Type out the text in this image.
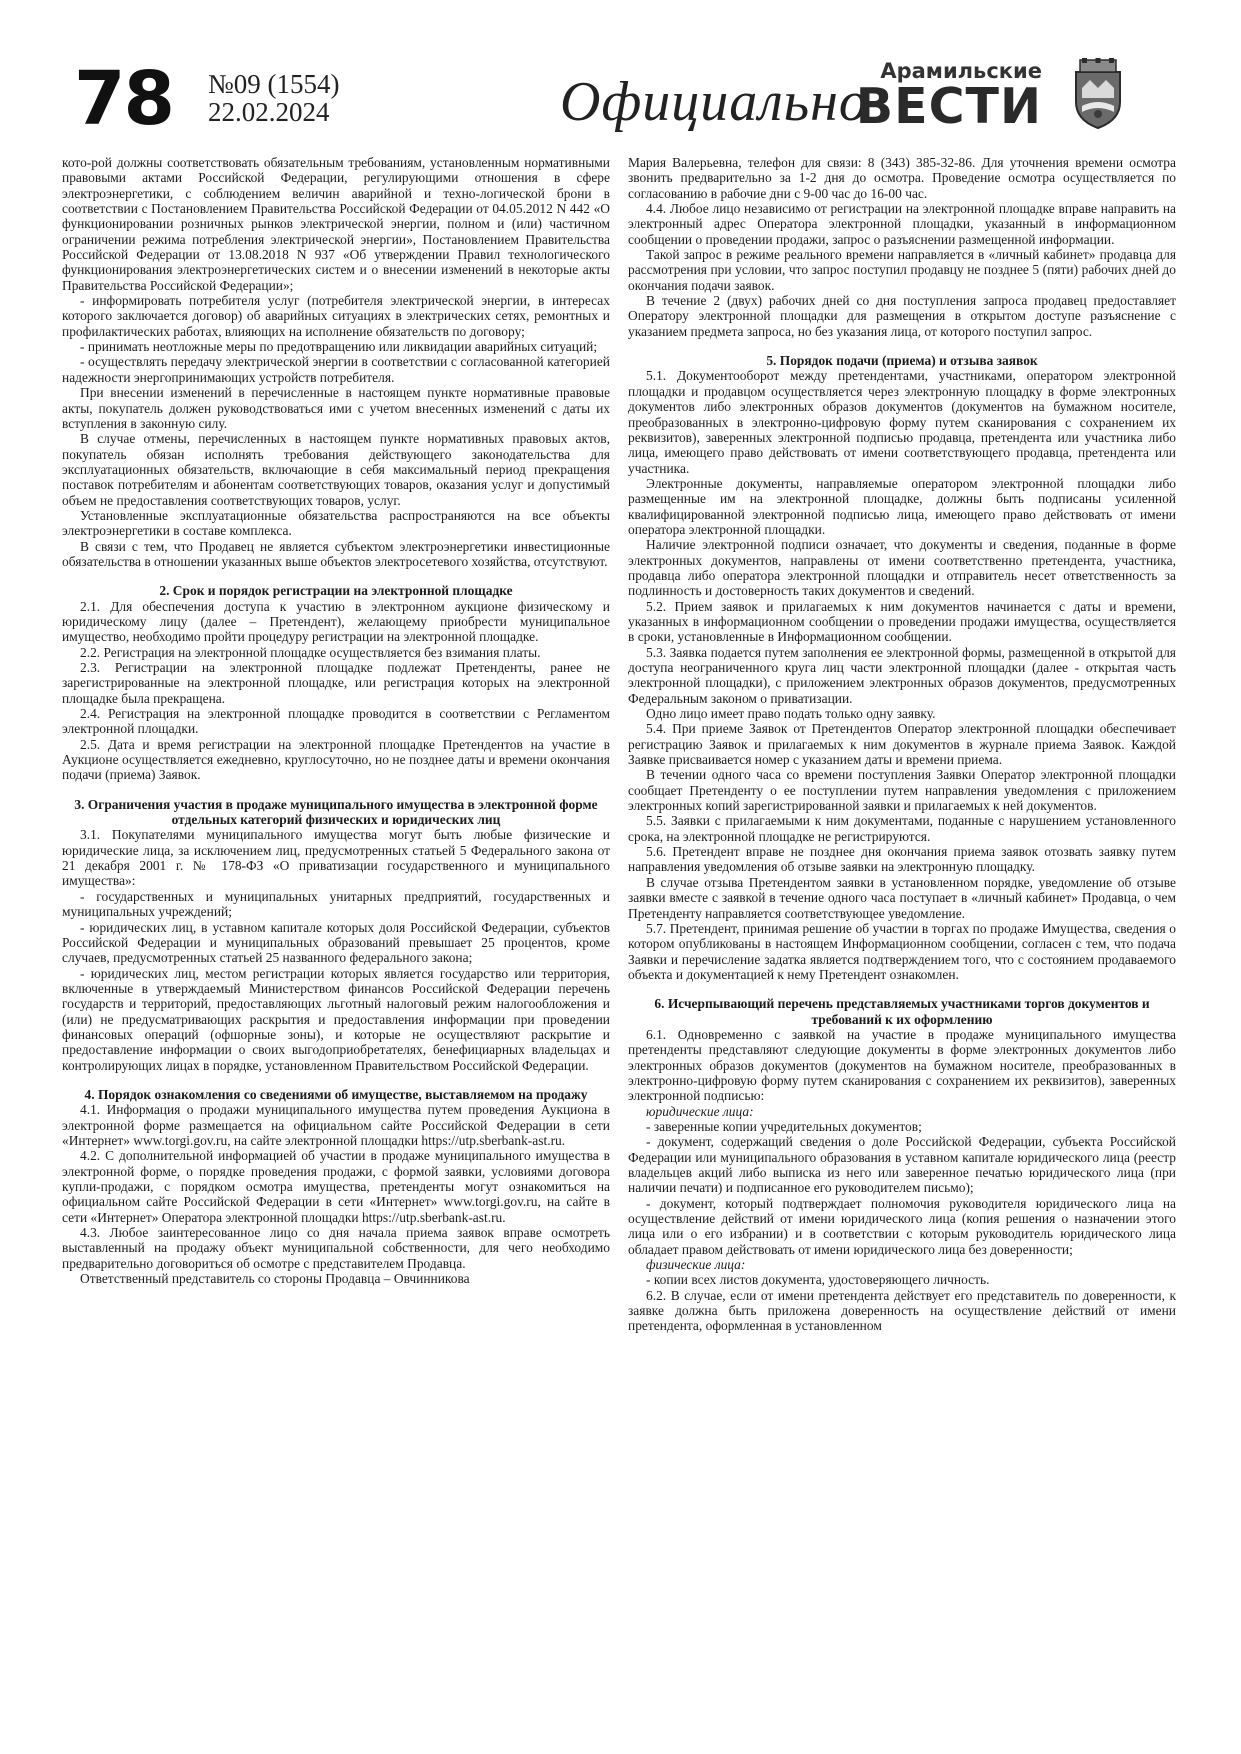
78 №09 (1554)
22.02.2024	Официально Арамильские
ВЕСТИ

кото-рой должны соответствовать обязательным требованиям, установленным нормативными правовыми актами Российской Федерации, регулирующими отношения в сфере электроэнергетики, с соблюдением величин аварийной и техно-логической брони в соответствии с Постановлением Правительства Российской Федерации от 04.05.2012 N 442 «О функционировании розничных рынков электрической энергии, полном и (или) частичном ограничении режима потребления электрической энергии», Постановлением Правительства Российской Федерации от 13.08.2018 N 937 «Об утверждении Правил технологического функционирования электроэнергетических систем и о внесении изменений в некоторые акты Правительства Российской Федерации»;

- информировать потребителя услуг (потребителя электрической энергии, в интересах которого заключается договор) об аварийных ситуациях в электрических сетях, ремонтных и профилактических работах, влияющих на исполнение обязательств по договору;

- принимать неотложные меры по предотвращению или ликвидации аварийных ситуаций;

- осуществлять передачу электрической энергии в соответствии с согласованной категорией надежности энергопринимающих устройств потребителя.

При внесении изменений в перечисленные в настоящем пункте нормативные правовые акты, покупатель должен руководствоваться ими с учетом внесенных изменений с даты их вступления в законную силу.

В случае отмены, перечисленных в настоящем пункте нормативных правовых актов, покупатель обязан исполнять требования действующего законодательства для эксплуатационных обязательств, включающие в себя максимальный период прекращения поставок потребителям и абонентам соответствующих товаров, оказания услуг и допустимый объем не предоставления соответствующих товаров, услуг.

Установленные эксплуатационные обязательства распространяются на все объекты электроэнергетики в составе комплекса.

В связи с тем, что Продавец не является субъектом электроэнергетики инвестиционные обязательства в отношении указанных выше объектов электросетевого хозяйства, отсутствуют.

2. Срок и порядок регистрации на электронной площадке

2.1. Для обеспечения доступа к участию в электронном аукционе физическому и юридическому лицу (далее – Претендент), желающему приобрести муниципальное имущество, необходимо пройти процедуру регистрации на электронной площадке.

2.2. Регистрация на электронной площадке осуществляется без взимания платы.

2.3. Регистрации на электронной площадке подлежат Претенденты, ранее не зарегистрированные на электронной площадке, или регистрация которых на электронной площадке была прекращена.

2.4. Регистрация на электронной площадке проводится в соответствии с Регламентом электронной площадки.

2.5. Дата и время регистрации на электронной площадке Претендентов на участие в Аукционе осуществляется ежедневно, круглосуточно, но не позднее даты и времени окончания подачи (приема) Заявок.

3. Ограничения участия в продаже муниципального имущества в электронной форме отдельных категорий физических и юридических лиц

3.1. Покупателями муниципального имущества могут быть любые физические и юридические лица, за исключением лиц, предусмотренных статьей 5 Федерального закона от 21 декабря 2001 г. № 178-ФЗ «О приватизации государственного и муниципального имущества»:

- государственных и муниципальных унитарных предприятий, государственных и муниципальных учреждений;

- юридических лиц, в уставном капитале которых доля Российской Федерации, субъектов Российской Федерации и муниципальных образований превышает 25 процентов, кроме случаев, предусмотренных статьей 25 названного федерального закона;

- юридических лиц, местом регистрации которых является государство или территория, включенные в утверждаемый Министерством финансов Российской Федерации перечень государств и территорий, предоставляющих льготный налоговый режим налогообложения и (или) не предусматривающих раскрытия и предоставления информации при проведении финансовых операций (офшорные зоны), и которые не осуществляют раскрытие и предоставление информации о своих выгодоприобретателях, бенефициарных владельцах и контролирующих лицах в порядке, установленном Правительством Российской Федерации.

4. Порядок ознакомления со сведениями об имуществе, выставляемом на продажу

4.1. Информация о продажи муниципального имущества путем проведения Аукциона в электронной форме размещается на официальном сайте Российской Федерации в сети «Интернет» www.torgi.gov.ru, на сайте электронной площадки https://utp.sberbank-ast.ru.

4.2. С дополнительной информацией об участии в продаже муниципального имущества в электронной форме, о порядке проведения продажи, с формой заявки, условиями договора купли-продажи, с порядком осмотра имущества, претенденты могут ознакомиться на официальном сайте Российской Федерации в сети «Интернет» www.torgi.gov.ru, на сайте в сети «Интернет» Оператора электронной площадки https://utp.sberbank-ast.ru.

4.3. Любое заинтересованное лицо со дня начала приема заявок вправе осмотреть выставленный на продажу объект муниципальной собственности, для чего необходимо предварительно договориться об осмотре с представителем Продавца.

Ответственный представитель со стороны Продавца – Овчинникова

Мария Валерьевна, телефон для связи: 8 (343) 385-32-86. Для уточнения времени осмотра звонить предварительно за 1-2 дня до осмотра. Проведение осмотра осуществляется по согласованию в рабочие дни с 9-00 час до 16-00 час.

4.4. Любое лицо независимо от регистрации на электронной площадке вправе направить на электронный адрес Оператора электронной площадки, указанный в информационном сообщении о проведении продажи, запрос о разъяснении размещенной информации.

Такой запрос в режиме реального времени направляется в «личный кабинет» продавца для рассмотрения при условии, что запрос поступил продавцу не позднее 5 (пяти) рабочих дней до окончания подачи заявок.

В течение 2 (двух) рабочих дней со дня поступления запроса продавец предоставляет Оператору электронной площадки для размещения в открытом доступе разъяснение с указанием предмета запроса, но без указания лица, от которого поступил запрос.

5. Порядок подачи (приема) и отзыва заявок

5.1. Документооборот между претендентами, участниками, оператором электронной площадки и продавцом осуществляется через электронную площадку в форме электронных документов либо электронных образов документов (документов на бумажном носителе, преобразованных в электронно-цифровую форму путем сканирования с сохранением их реквизитов), заверенных электронной подписью продавца, претендента или участника либо лица, имеющего право действовать от имени соответствующего продавца, претендента или участника.

Электронные документы, направляемые оператором электронной площадки либо размещенные им на электронной площадке, должны быть подписаны усиленной квалифицированной электронной подписью лица, имеющего право действовать от имени оператора электронной площадки.

Наличие электронной подписи означает, что документы и сведения, поданные в форме электронных документов, направлены от имени соответственно претендента, участника, продавца либо оператора электронной площадки и отправитель несет ответственность за подлинность и достоверность таких документов и сведений.

5.2. Прием заявок и прилагаемых к ним документов начинается с даты и времени, указанных в информационном сообщении о проведении продажи имущества, осуществляется в сроки, установленные в Информационном сообщении.

5.3. Заявка подается путем заполнения ее электронной формы, размещенной в открытой для доступа неограниченного круга лиц части электронной площадки (далее - открытая часть электронной площадки), с приложением электронных образов документов, предусмотренных Федеральным законом о приватизации.

Одно лицо имеет право подать только одну заявку.

5.4. При приеме Заявок от Претендентов Оператор электронной площадки обеспечивает регистрацию Заявок и прилагаемых к ним документов в журнале приема Заявок. Каждой Заявке присваивается номер с указанием даты и времени приема.

В течении одного часа со времени поступления Заявки Оператор электронной площадки сообщает Претенденту о ее поступлении путем направления уведомления с приложением электронных копий зарегистрированной заявки и прилагаемых к ней документов.

5.5. Заявки с прилагаемыми к ним документами, поданные с нарушением установленного срока, на электронной площадке не регистрируются.

5.6. Претендент вправе не позднее дня окончания приема заявок отозвать заявку путем направления уведомления об отзыве заявки на электронную площадку.

В случае отзыва Претендентом заявки в установленном порядке, уведомление об отзыве заявки вместе с заявкой в течение одного часа поступает в «личный кабинет» Продавца, о чем Претенденту направляется соответствующее уведомление.

5.7. Претендент, принимая решение об участии в торгах по продаже Имущества, сведения о котором опубликованы в настоящем Информационном сообщении, согласен с тем, что подача Заявки и перечисление задатка является подтверждением того, что с состоянием продаваемого объекта и документацией к нему Претендент ознакомлен.

6. Исчерпывающий перечень представляемых участниками торгов документов и требований к их оформлению

6.1. Одновременно с заявкой на участие в продаже муниципального имущества претенденты представляют следующие документы в форме электронных документов либо электронных образов документов (документов на бумажном носителе, преобразованных в электронно-цифровую форму путем сканирования с сохранением их реквизитов), заверенных электронной подписью:

юридические лица:

- заверенные копии учредительных документов;

- документ, содержащий сведения о доле Российской Федерации, субъекта Российской Федерации или муниципального образования в уставном капитале юридического лица (реестр владельцев акций либо выписка из него или заверенное печатью юридического лица (при наличии печати) и подписанное его руководителем письмо);

- документ, который подтверждает полномочия руководителя юридического лица на осуществление действий от имени юридического лица (копия решения о назначении этого лица или о его избрании) и в соответствии с которым руководитель юридического лица обладает правом действовать от имени юридического лица без доверенности;

физические лица:

- копии всех листов документа, удостоверяющего личность.

6.2. В случае, если от имени претендента действует его представитель по доверенности, к заявке должна быть приложена доверенность на осуществление действий от имени претендента, оформленная в установленном
